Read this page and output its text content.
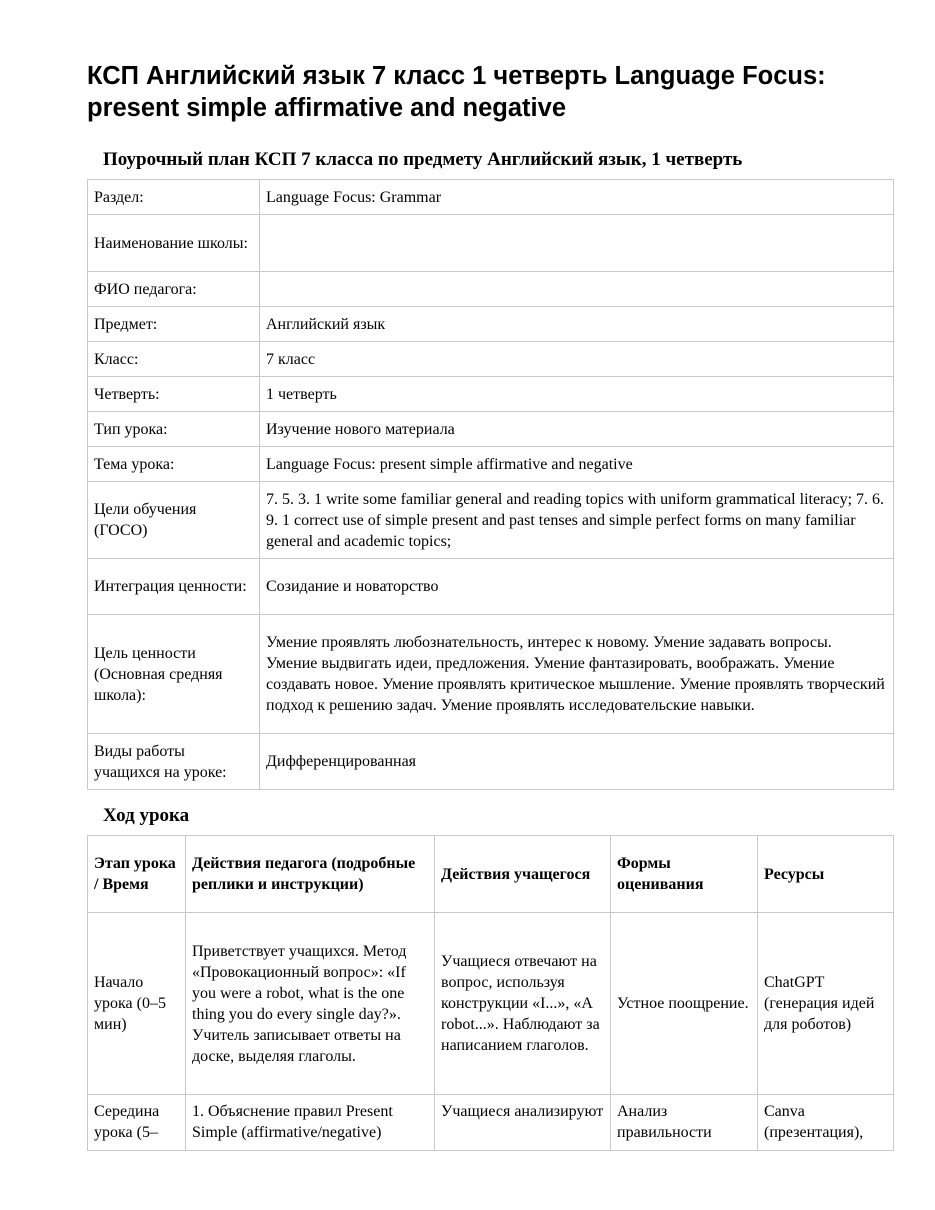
КСП Английский язык 7 класс 1 четверть Language Focus: present simple affirmative and negative

Поурочный план КСП 7 класса по предмету Английский язык, 1 четверть

Раздел:	Language Focus: Grammar
Наименование школы:	
ФИО педагога:	
Предмет:	Английский язык
Класс:	7 класс
Четверть:	1 четверть
Тип урока:	Изучение нового материала
Тема урока:	Language Focus: present simple affirmative and negative
Цели обучения (ГОСО)	7. 5. 3. 1 write some familiar general and reading topics with uniform grammatical literacy; 7. 6. 9. 1 correct use of simple present and past tenses and simple perfect forms on many familiar general and academic topics;
Интеграция ценности:	Созидание и новаторство
Цель ценности (Основная средняя школа):	Умение проявлять любознательность, интерес к новому. Умение задавать вопросы. Умение выдвигать идеи, предложения. Умение фантазировать, воображать. Умение создавать новое. Умение проявлять критическое мышление. Умение проявлять творческий подход к решению задач. Умение проявлять исследовательские навыки.
Виды работы учащихся на уроке:	Дифференцированная

Ход урока

Этап урока / Время	Действия педагога (подробные реплики и инструкции)	Действия учащегося	Формы оценивания	Ресурсы
Начало урока (0–5 мин)	Приветствует учащихся. Метод «Провокационный вопрос»: «If you were a robot, what is the one thing you do every single day?». Учитель записывает ответы на доске, выделяя глаголы.	Учащиеся отвечают на вопрос, используя конструкции «I...», «A robot...». Наблюдают за написанием глаголов.	Устное поощрение.	ChatGPT (генерация идей для роботов)
Середина урока (5–	1. Объяснение правил Present Simple (affirmative/negative)	Учащиеся анализируют	Анализ правильности	Canva (презентация),
